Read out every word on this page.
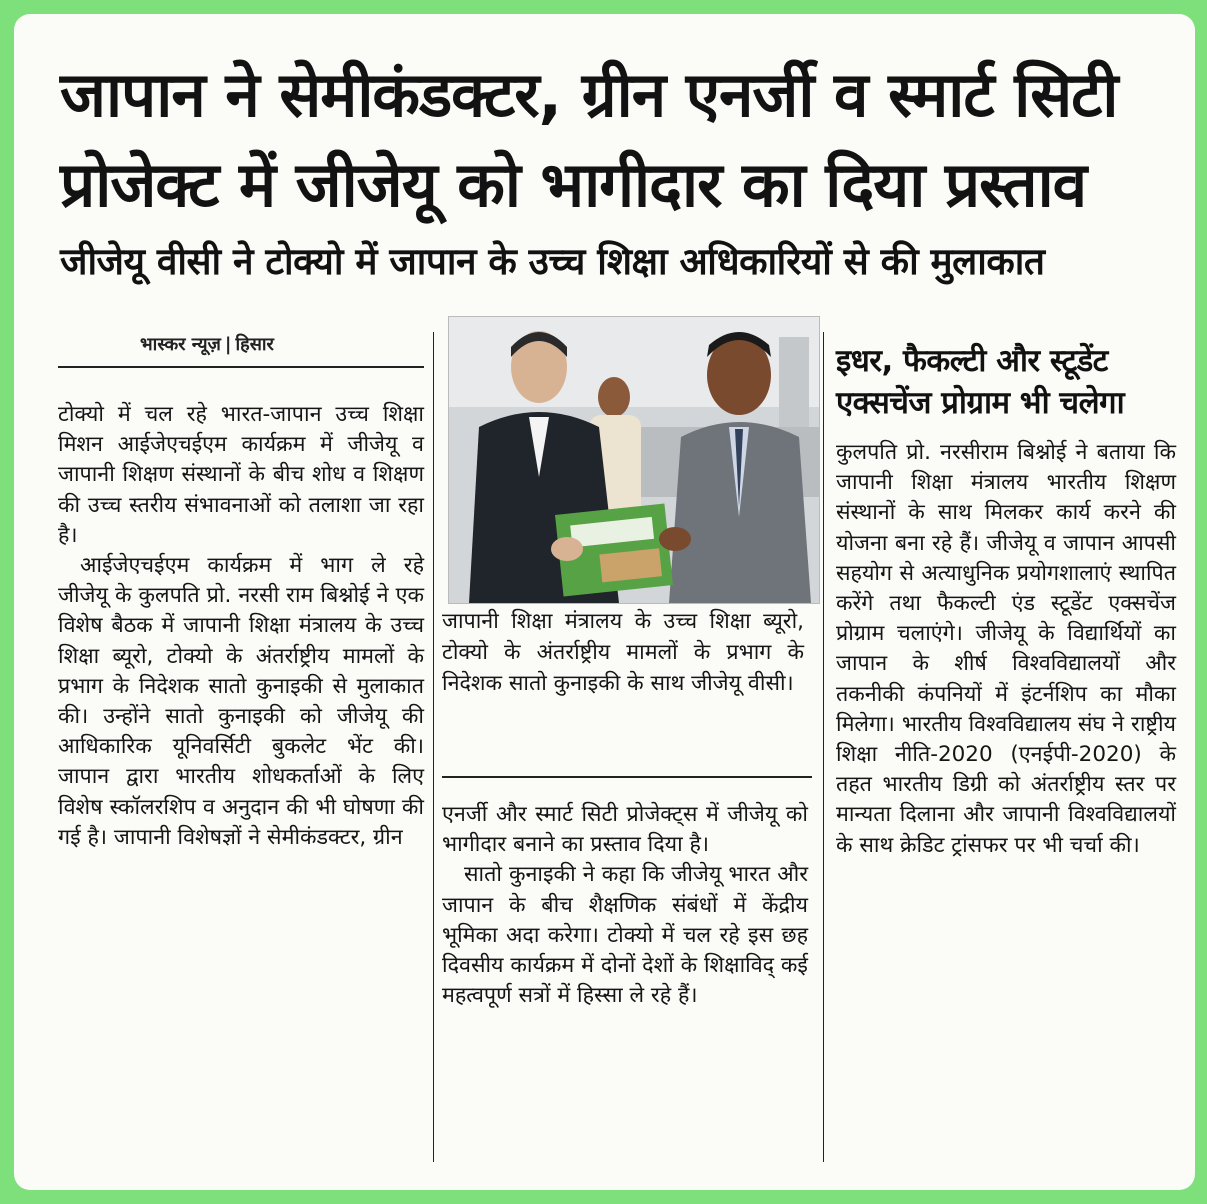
जापान ने सेमीकंडक्टर, ग्रीन एनर्जी व स्मार्ट सिटी
प्रोजेक्ट में जीजेयू को भागीदार का दिया प्रस्ताव
जीजेयू वीसी ने टोक्यो में जापान के उच्च शिक्षा अधिकारियों से की मुलाकात
भास्कर न्यूज़ | हिसार

टोक्यो में चल रहे भारत-जापान उच्च शिक्षा मिशन आईजेएचईएम कार्यक्रम में जीजेयू व जापानी शिक्षण संस्थानों के बीच शोध व शिक्षण की उच्च स्तरीय संभावनाओं को तलाशा जा रहा है।

आईजेएचईएम कार्यक्रम में भाग ले रहे जीजेयू के कुलपति प्रो. नरसी राम बिश्नोई ने एक विशेष बैठक में जापानी शिक्षा मंत्रालय के उच्च शिक्षा ब्यूरो, टोक्यो के अंतर्राष्ट्रीय मामलों के प्रभाग के निदेशक सातो कुनाइकी से मुलाकात की। उन्होंने सातो कुनाइकी को जीजेयू की आधिकारिक यूनिवर्सिटी बुकलेट भेंट की। जापान द्वारा भारतीय शोधकर्ताओं के लिए विशेष स्कॉलरशिप व अनुदान की भी घोषणा की गई है। जापानी विशेषज्ञों ने सेमीकंडक्टर, ग्रीन

जापानी शिक्षा मंत्रालय के उच्च शिक्षा ब्यूरो, टोक्यो के अंतर्राष्ट्रीय मामलों के प्रभाग के निदेशक सातो कुनाइकी के साथ जीजेयू वीसी।

एनर्जी और स्मार्ट सिटी प्रोजेक्ट्स में जीजेयू को भागीदार बनाने का प्रस्ताव दिया है।

सातो कुनाइकी ने कहा कि जीजेयू भारत और जापान के बीच शैक्षणिक संबंधों में केंद्रीय भूमिका अदा करेगा। टोक्यो में चल रहे इस छह दिवसीय कार्यक्रम में दोनों देशों के शिक्षाविद् कई महत्वपूर्ण सत्रों में हिस्सा ले रहे हैं।

इधर, फैकल्टी और स्टूडेंट एक्सचेंज प्रोग्राम भी चलेगा

कुलपति प्रो. नरसीराम बिश्नोई ने बताया कि जापानी शिक्षा मंत्रालय भारतीय शिक्षण संस्थानों के साथ मिलकर कार्य करने की योजना बना रहे हैं। जीजेयू व जापान आपसी सहयोग से अत्याधुनिक प्रयोगशालाएं स्थापित करेंगे तथा फैकल्टी एंड स्टूडेंट एक्सचेंज प्रोग्राम चलाएंगे। जीजेयू के विद्यार्थियों का जापान के शीर्ष विश्वविद्यालयों और तकनीकी कंपनियों में इंटर्नशिप का मौका मिलेगा। भारतीय विश्वविद्यालय संघ ने राष्ट्रीय शिक्षा नीति-2020 (एनईपी-2020) के तहत भारतीय डिग्री को अंतर्राष्ट्रीय स्तर पर मान्यता दिलाना और जापानी विश्वविद्यालयों के साथ क्रेडिट ट्रांसफर पर भी चर्चा की।
